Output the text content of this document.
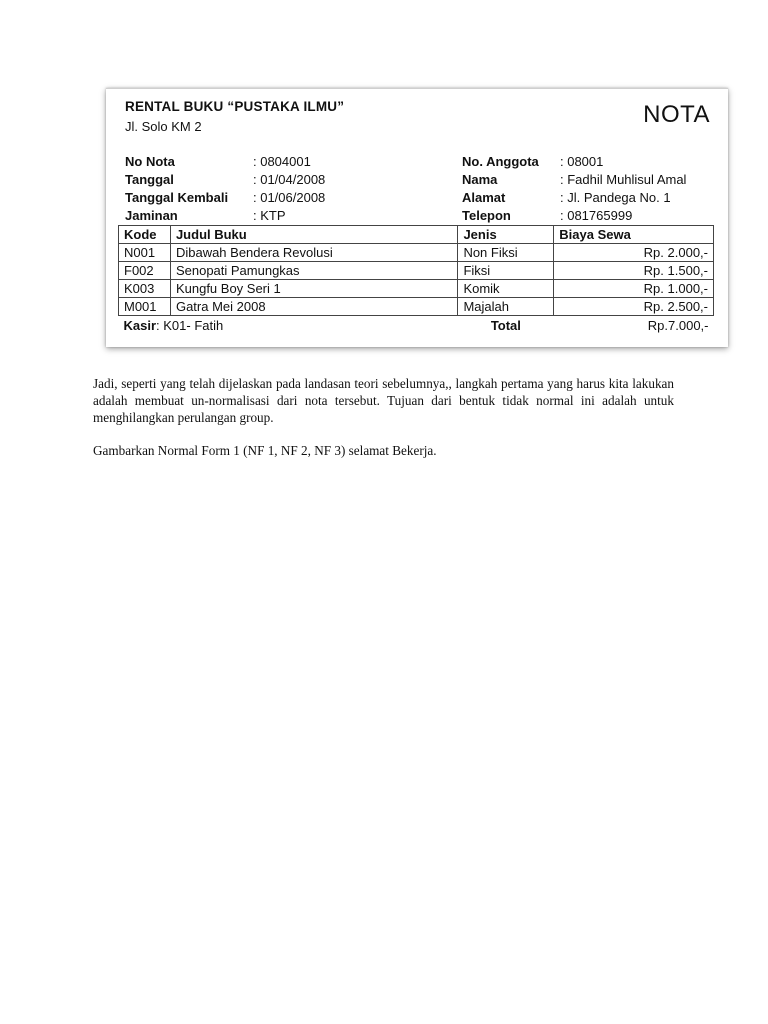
RENTAL BUKU “PUSTAKA ILMU”
Jl. Solo KM 2	NOTA
No Nota	: 0804001
Tanggal	: 01/04/2008
Tanggal Kembali : 01/06/2008
Jaminan	: KTP
No. Anggota : 08001
Nama	: Fadhil Muhlisul Amal
Alamat	: Jl. Pandega No. 1
Telepon	: 081765999
Kode	Judul Buku	Jenis	Biaya Sewa
N001	Dibawah Bendera Revolusi	Non Fiksi	Rp. 2.000,-
F002	Senopati Pamungkas	Fiksi	Rp. 1.500,-
K003	Kungfu Boy Seri 1	Komik	Rp. 1.000,-
M001	Gatra Mei 2008	Majalah	Rp. 2.500,-
Kasir: K01- Fatih		Total	Rp.7.000,-
Jadi, seperti yang telah dijelaskan pada landasan teori sebelumnya,, langkah pertama yang harus kita lakukan adalah membuat un-normalisasi dari nota tersebut. Tujuan dari bentuk tidak normal ini adalah untuk menghilangkan perulangan group.
Gambarkan Normal Form 1 (NF 1, NF 2, NF 3) selamat Bekerja.
